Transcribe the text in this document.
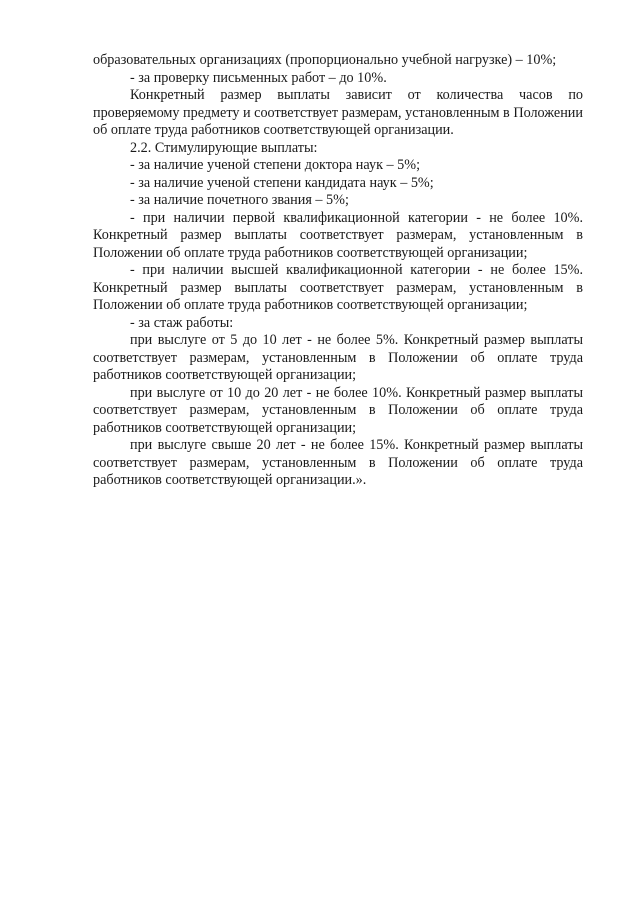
образовательных организациях (пропорционально учебной нагрузке) – 10%;

- за проверку письменных работ – до 10%.

Конкретный размер выплаты зависит от количества часов по проверяемому предмету и соответствует размерам, установленным в Положении об оплате труда работников соответствующей организации.

2.2. Стимулирующие выплаты:

- за наличие ученой степени доктора наук – 5%;

- за наличие ученой степени кандидата наук – 5%;

- за наличие почетного звания – 5%;

- при наличии первой квалификационной категории - не более 10%. Конкретный размер выплаты соответствует размерам, установленным в Положении об оплате труда работников соответствующей организации;

- при наличии высшей квалификационной категории - не более 15%. Конкретный размер выплаты соответствует размерам, установленным в Положении об оплате труда работников соответствующей организации;

- за стаж работы:

при выслуге от 5 до 10 лет - не более 5%. Конкретный размер выплаты соответствует размерам, установленным в Положении об оплате труда работников соответствующей организации;

при выслуге от 10 до 20 лет - не более 10%. Конкретный размер выплаты соответствует размерам, установленным в Положении об оплате труда работников соответствующей организации;

при выслуге свыше 20 лет - не более 15%. Конкретный размер выплаты соответствует размерам, установленным в Положении об оплате труда работников соответствующей организации.».
